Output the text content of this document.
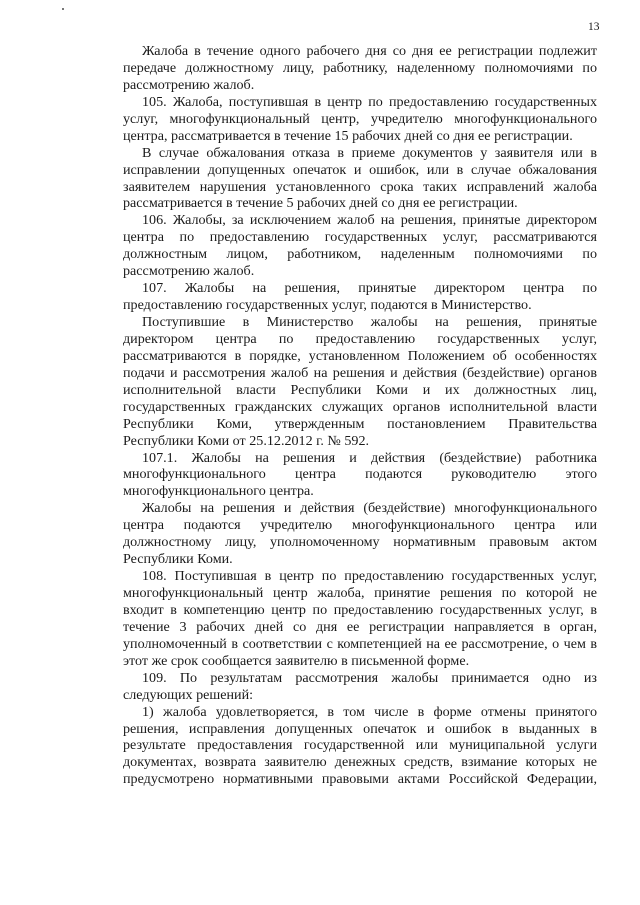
13

Жалоба в течение одного рабочего дня со дня ее регистрации подлежит
передаче должностному лицу, работнику, наделенному полномочиями по
рассмотрению жалоб.

105. Жалоба, поступившая в центр по предоставлению государственных
услуг, многофункциональный центр, учредителю многофункционального
центра, рассматривается в течение 15 рабочих дней со дня ее регистрации.

В случае обжалования отказа в приеме документов у заявителя или в
исправлении допущенных опечаток и ошибок, или в случае обжалования
заявителем нарушения установленного срока таких исправлений жалоба
рассматривается в течение 5 рабочих дней со дня ее регистрации.

106. Жалобы, за исключением жалоб на решения, принятые директором
центра по предоставлению государственных услуг, рассматриваются
должностным лицом, работником, наделенным полномочиями по
рассмотрению жалоб.

107. Жалобы на решения, принятые директором центра по
предоставлению государственных услуг, подаются в Министерство.

Поступившие в Министерство жалобы на решения, принятые
директором центра по предоставлению государственных услуг,
рассматриваются в порядке, установленном Положением об особенностях
подачи и рассмотрения жалоб на решения и действия (бездействие) органов
исполнительной власти Республики Коми и их должностных лиц,
государственных гражданских служащих органов исполнительной власти
Республики Коми, утвержденным постановлением Правительства
Республики Коми от 25.12.2012 г. № 592.

107.1. Жалобы на решения и действия (бездействие) работника
многофункционального центра подаются руководителю этого
многофункционального центра.

Жалобы на решения и действия (бездействие) многофункционального
центра подаются учредителю многофункционального центра или
должностному лицу, уполномоченному нормативным правовым актом
Республики Коми.

108. Поступившая в центр по предоставлению государственных услуг,
многофункциональный центр жалоба, принятие решения по которой не
входит в компетенцию центр по предоставлению государственных услуг, в
течение 3 рабочих дней со дня ее регистрации направляется в орган,
уполномоченный в соответствии с компетенцией на ее рассмотрение, о чем в
этот же срок сообщается заявителю в письменной форме.

109. По результатам рассмотрения жалобы принимается одно из
следующих решений:

1) жалоба удовлетворяется, в том числе в форме отмены принятого
решения, исправления допущенных опечаток и ошибок в выданных в
результате предоставления государственной или муниципальной услуги
документах, возврата заявителю денежных средств, взимание которых не
предусмотрено нормативными правовыми актами Российской Федерации,
